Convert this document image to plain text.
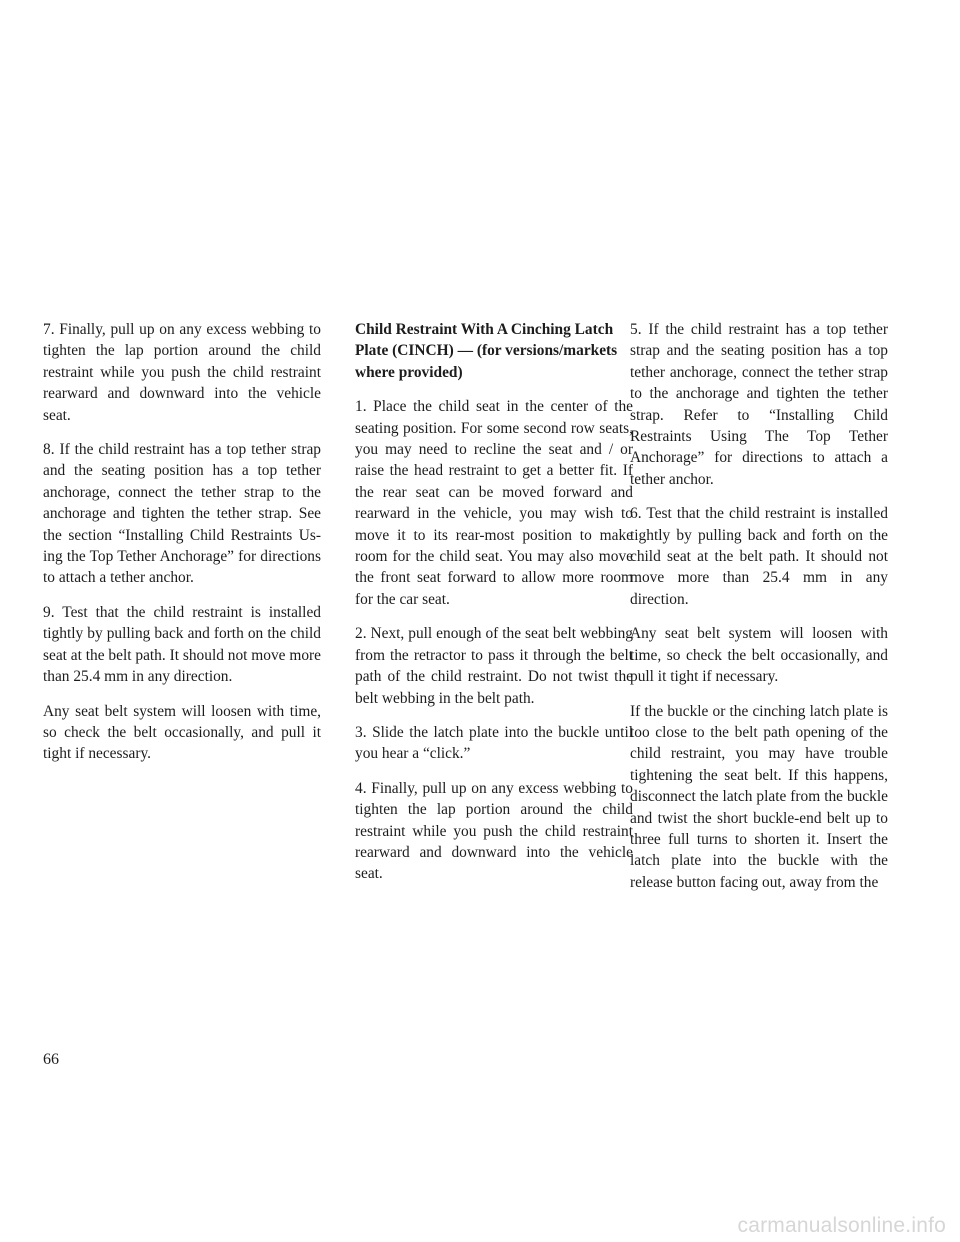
7. Finally, pull up on any excess webbing to tighten the lap portion around the child restraint while you push the child restraint rearward and downward into the vehicle seat.

8. If the child restraint has a top tether strap and the seating position has a top tether anchorage, connect the tether strap to the anchorage and tighten the tether strap. See the section “Installing Child Restraints Using the Top Tether Anchorage” for directions to attach a tether anchor.

9. Test that the child restraint is installed tightly by pulling back and forth on the child seat at the belt path. It should not move more than 25.4 mm in any direction.

Any seat belt system will loosen with time, so check the belt occasionally, and pull it tight if necessary.

Child Restraint With A Cinching Latch Plate (CINCH) — (for versions/markets where provided)

1. Place the child seat in the center of the seating position. For some second row seats, you may need to recline the seat and / or raise the head restraint to get a better fit. If the rear seat can be moved forward and rearward in the vehicle, you may wish to move it to its rear-most position to make room for the child seat. You may also move the front seat forward to allow more room for the car seat.

2. Next, pull enough of the seat belt webbing from the retractor to pass it through the belt path of the child restraint. Do not twist the belt webbing in the belt path.

3. Slide the latch plate into the buckle until you hear a “click.”

4. Finally, pull up on any excess webbing to tighten the lap portion around the child restraint while you push the child restraint rearward and downward into the vehicle seat.

5. If the child restraint has a top tether strap and the seating position has a top tether anchorage, connect the tether strap to the anchorage and tighten the tether strap. Refer to “Installing Child Restraints Using The Top Tether Anchorage” for directions to attach a tether anchor.

6. Test that the child restraint is installed tightly by pulling back and forth on the child seat at the belt path. It should not move more than 25.4 mm in any direction.

Any seat belt system will loosen with time, so check the belt occasionally, and pull it tight if necessary.

If the buckle or the cinching latch plate is too close to the belt path opening of the child restraint, you may have trouble tightening the seat belt. If this happens, disconnect the latch plate from the buckle and twist the short buckle-end belt up to three full turns to shorten it. Insert the latch plate into the buckle with the release button facing out, away from the

66
carmanualsonline.info
